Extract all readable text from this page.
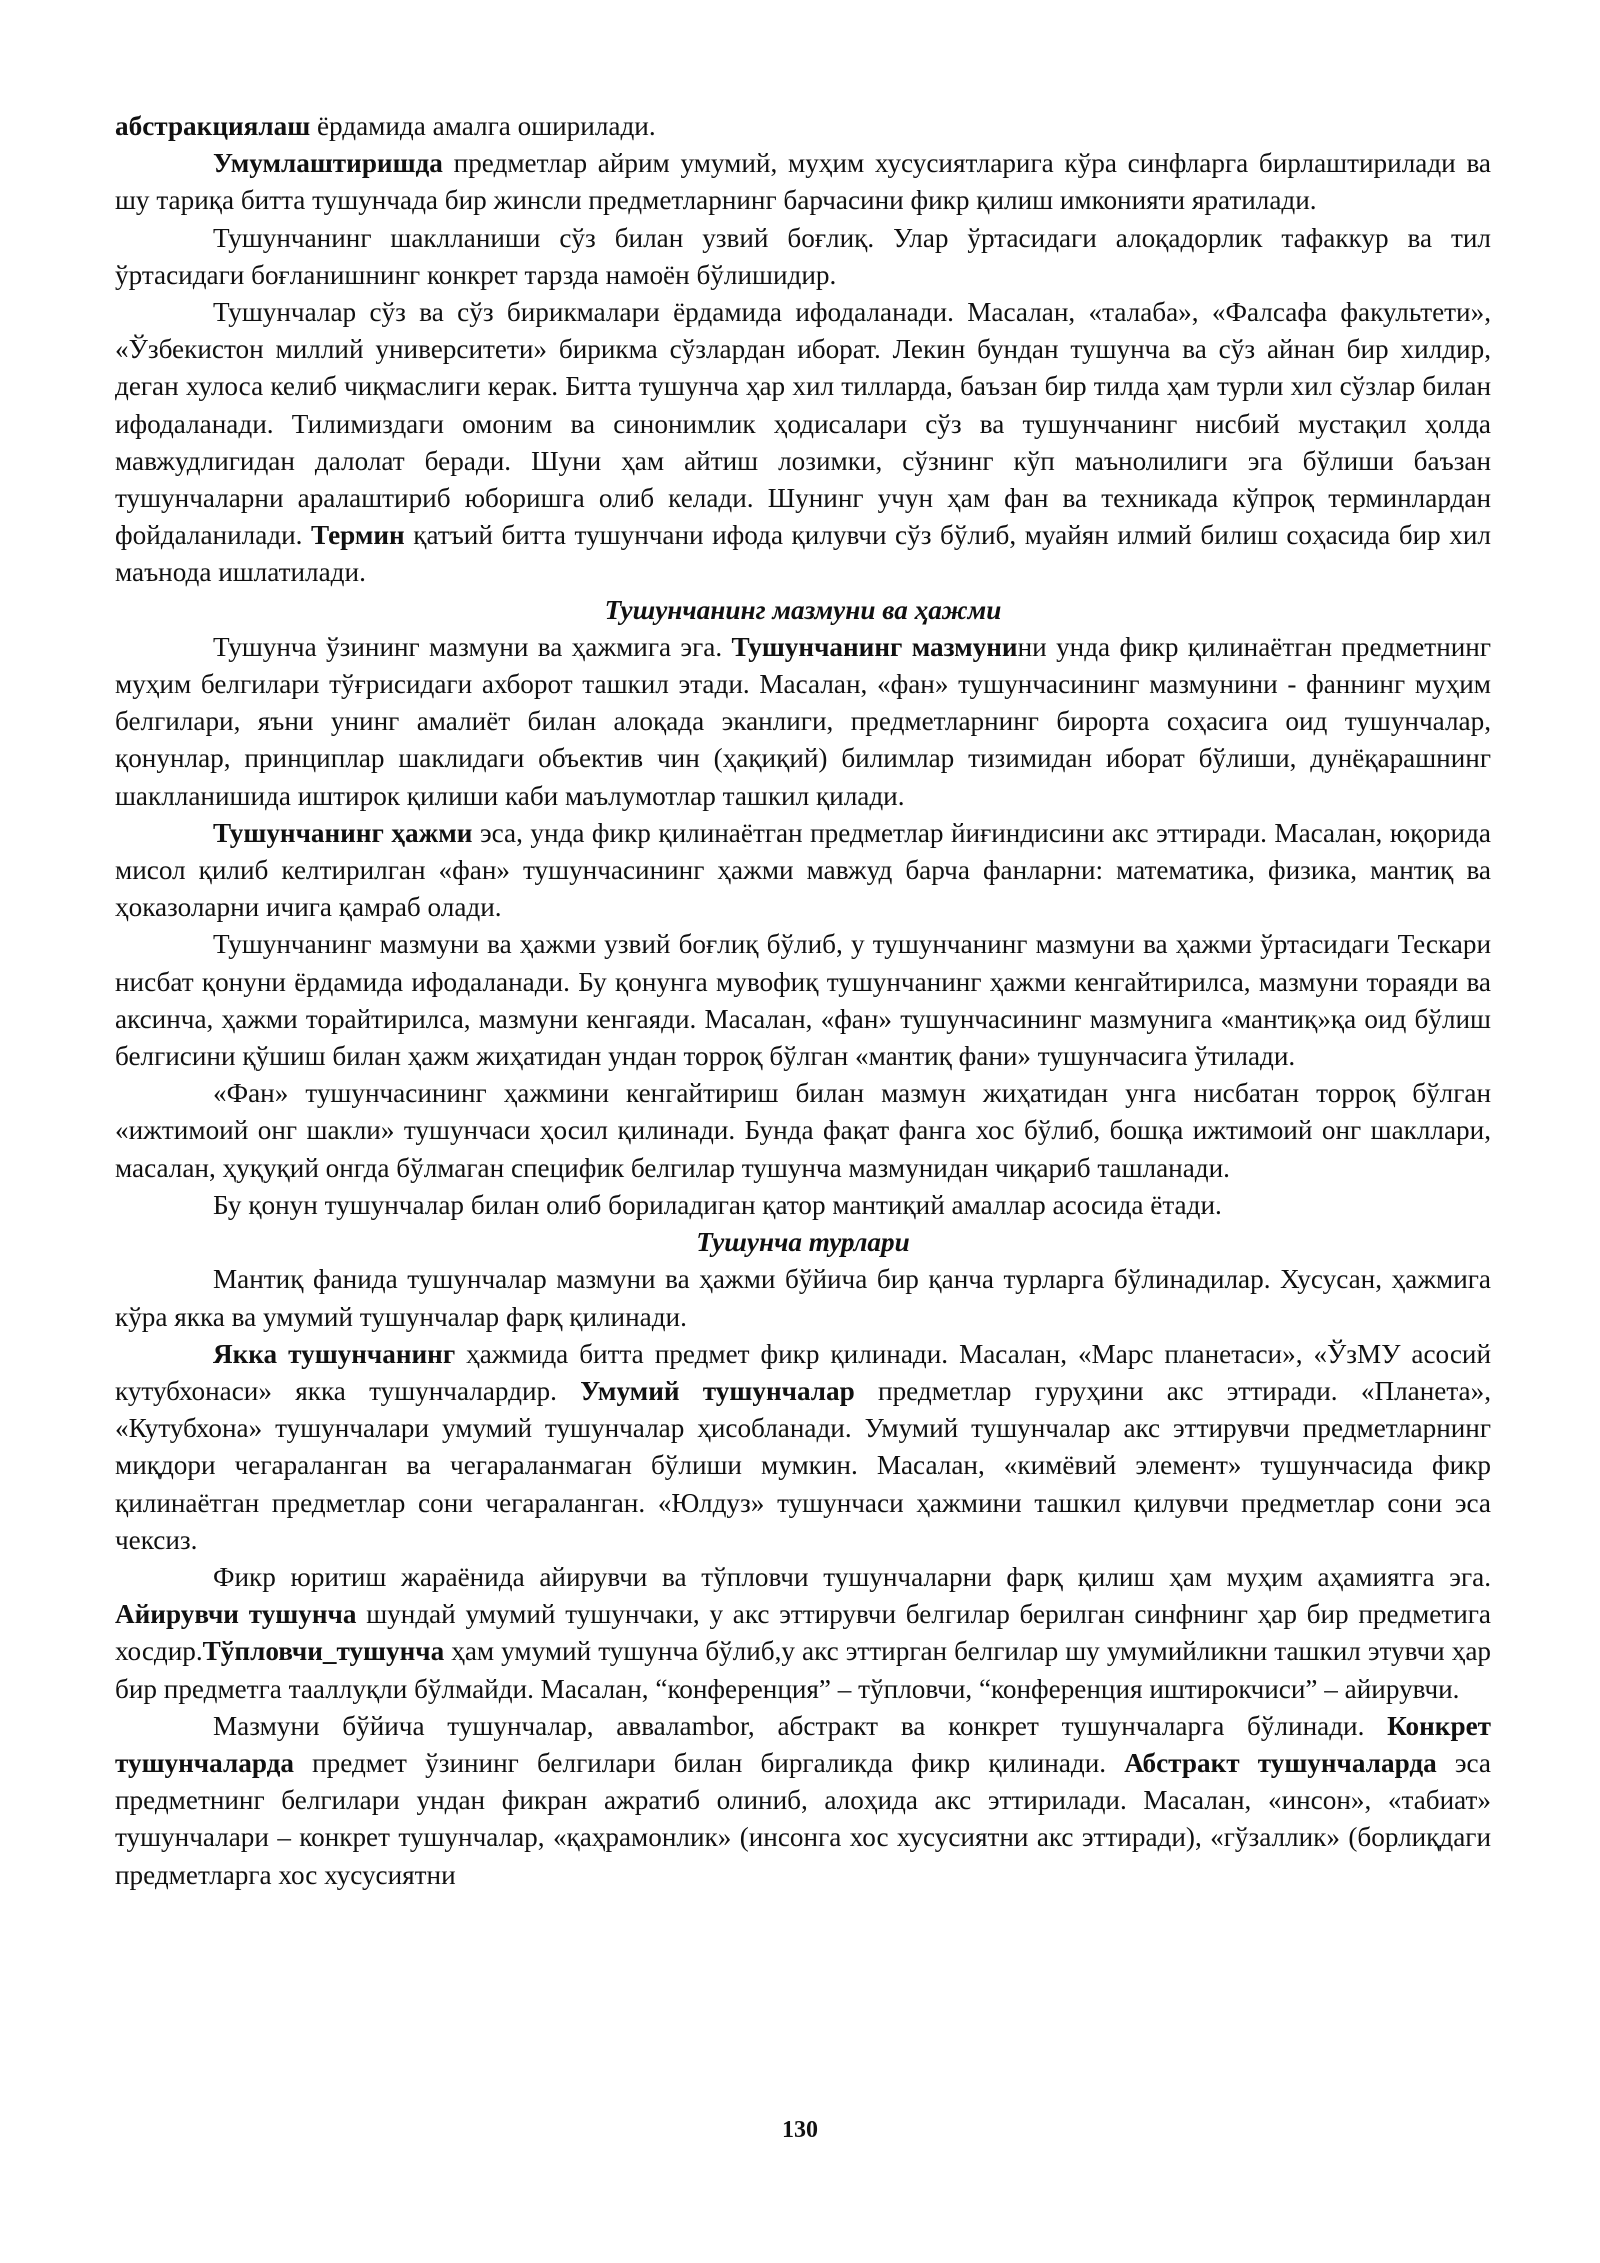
абстракциялаш ёрдамида амалга оширилади.

Умумлаштиришда предметлар айрим умумий, муҳим хусусиятларига кўра синфларга бирлаштирилади ва шу тариқа битта тушунчада бир жинсли предметларнинг барчасини фикр қилиш имконияти яратилади.

Тушунчанинг шаклланиши сўз билан узвий боғлиқ. Улар ўртасидаги алоқадорлик тафаккур ва тил ўртасидаги боғланишнинг конкрет тарзда намоён бўлишидир.

Тушунчалар сўз ва сўз бирикмалари ёрдамида ифодаланади. Масалан, «талаба», «Фалсафа факультети», «Ўзбекистон миллий университети» бирикма сўзлардан иборат. Лекин бундан тушунча ва сўз айнан бир хилдир, деган хулоса келиб чиқмаслиги керак. Битта тушунча ҳар хил тилларда, баъзан бир тилда ҳам турли хил сўзлар билан ифодаланади. Тилимиздаги омоним ва синонимлик ҳодисалари сўз ва тушунчанинг нисбий мустақил ҳолда мавжудлигидан далолат беради. Шуни ҳам айтиш лозимки, сўзнинг кўп маънолилиги эга бўлиши баъзан тушунчаларни аралаштириб юборишга олиб келади. Шунинг учун ҳам фан ва техникада кўпроқ терминлардан фойдаланилади. Термин қатъий битта тушунчани ифода қилувчи сўз бўлиб, муайян илмий билиш соҳасида бир хил маънода ишлатилади.

Тушунчанинг мазмуни ва ҳажми

Тушунча ўзининг мазмуни ва ҳажмига эга. Тушунчанинг мазмунини унда фикр қилинаётган предметнинг муҳим белгилари тўғрисидаги ахборот ташкил этади. Масалан, «фан» тушунчасининг мазмунини - фаннинг муҳим белгилари, яъни унинг амалиёт билан алоқада эканлиги, предметларнинг бирорта соҳасига оид тушунчалар, қонунлар, принциплар шаклидаги объектив чин (ҳақиқий) билимлар тизимидан иборат бўлиши, дунёқарашнинг шаклланишида иштирок қилиши каби маълумотлар ташкил қилади.

Тушунчанинг ҳажми эса, унда фикр қилинаётган предметлар йиғиндисини акс эттиради. Масалан, юқорида мисол қилиб келтирилган «фан» тушунчасининг ҳажми мавжуд барча фанларни: математика, физика, мантиқ ва ҳоказоларни ичига қамраб олади.

Тушунчанинг мазмуни ва ҳажми узвий боғлиқ бўлиб, у тушунчанинг мазмуни ва ҳажми ўртасидаги Тескари нисбат қонуни ёрдамида ифодаланади. Бу қонунга мувофиқ тушунчанинг ҳажми кенгайтирилса, мазмуни тораяди ва аксинча, ҳажми торайтирилса, мазмуни кенгаяди. Масалан, «фан» тушунчасининг мазмунига «мантиқ»қа оид бўлиш белгисини қўшиш билан ҳажм жиҳатидан ундан торроқ бўлган «мантиқ фани» тушунчасига ўтилади.

«Фан» тушунчасининг ҳажмини кенгайтириш билан мазмун жиҳатидан унга нисбатан торроқ бўлган «ижтимоий онг шакли» тушунчаси ҳосил қилинади. Бунда фақат фанга хос бўлиб, бошқа ижтимоий онг шакллари, масалан, ҳуқуқий онгда бўлмаган специфик белгилар тушунча мазмунидан чиқариб ташланади.

Бу қонун тушунчалар билан олиб бориладиган қатор мантиқий амаллар асосида ётади.

Тушунча турлари

Мантиқ фанида тушунчалар мазмуни ва ҳажми бўйича бир қанча турларга бўлинадилар. Хусусан, ҳажмига кўра якка ва умумий тушунчалар фарқ қилинади.

Якка тушунчанинг ҳажмида битта предмет фикр қилинади. Масалан, «Марс планетаси», «ЎзМУ асосий кутубхонаси» якка тушунчалардир. Умумий тушунчалар предметлар гуруҳини акс эттиради. «Планета», «Кутубхона» тушунчалари умумий тушунчалар ҳисобланади. Умумий тушунчалар акс эттирувчи предметларнинг миқдори чегараланган ва чегараланмаган бўлиши мумкин. Масалан, «кимёвий элемент» тушунчасида фикр қилинаётган предметлар сони чегараланган. «Юлдуз» тушунчаси ҳажмини ташкил қилувчи предметлар сони эса чексиз.

Фикр юритиш жараёнида айирувчи ва тўпловчи тушунчаларни фарқ қилиш ҳам муҳим аҳамиятга эга. Айирувчи тушунча шундай умумий тушунчаки, у акс эттирувчи белгилар берилган синфнинг ҳар бир предметига хосдир.Тўпловчи_тушунча ҳам умумий тушунча бўлиб,у акс эттирган белгилар шу умумийликни ташкил этувчи ҳар бир предметга тааллуқли бўлмайди. Масалан, “конференция” – тўпловчи, “конференция иштирокчиси” – айирувчи.

Мазмуни бўйича тушунчалар, аввалambor, абстракт ва конкрет тушунчаларга бўлинади. Конкрет тушунчаларда предмет ўзининг белгилари билан биргаликда фикр қилинади. Абстракт тушунчаларда эса предметнинг белгилари ундан фикран ажратиб олиниб, алоҳида акс эттирилади. Масалан, «инсон», «табиат» тушунчалари – конкрет тушунчалар, «қаҳрамонлик» (инсонга хос хусусиятни акс эттиради), «гўзаллик» (борлиқдаги предметларга хос хусусиятни

130
